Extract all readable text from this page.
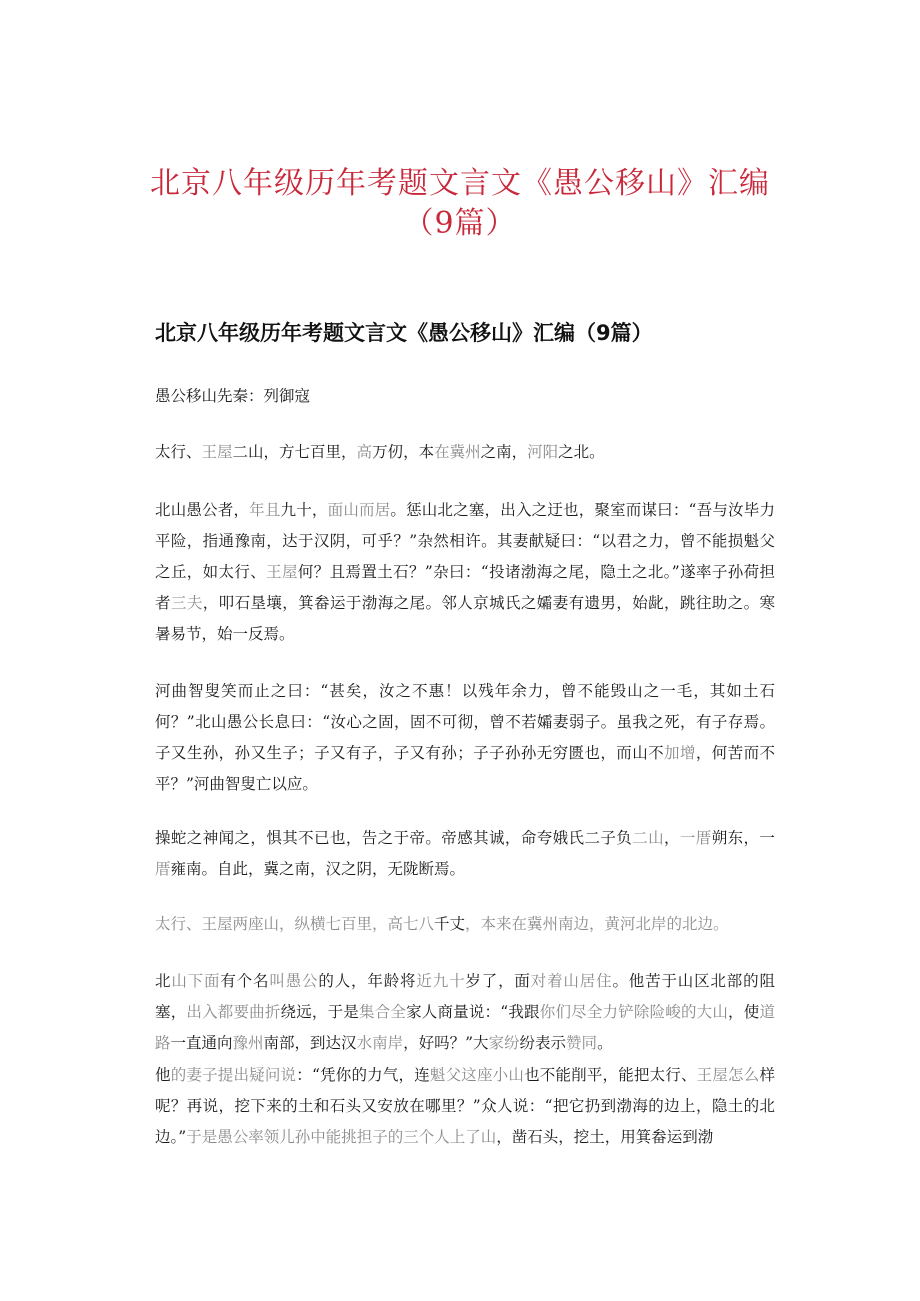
北京八年级历年考题文言文《愚公移山》汇编（9篇）
北京八年级历年考题文言文《愚公移山》汇编（9篇）

愚公移山先秦：列御寇

太行、王屋二山，方七百里，高万仞，本在冀州之南，河阳之北。

北山愚公者，年且九十，面山而居。惩山北之塞，出入之迂也，聚室而谋曰：“吾与汝毕力平险，指通豫南，达于汉阴，可乎？”杂然相许。其妻献疑曰：“以君之力，曾不能损魁父之丘，如太行、王屋何？且焉置土石？”杂曰：“投诸渤海之尾，隐土之北。”遂率子孙荷担者三夫，叩石垦壤，箕畚运于渤海之尾。邻人京城氏之孀妻有遗男，始龀，跳往助之。寒暑易节，始一反焉。

河曲智叟笑而止之曰：“甚矣，汝之不惠！以残年余力，曾不能毁山之一毛，其如土石何？”北山愚公长息曰：“汝心之固，固不可彻，曾不若孀妻弱子。虽我之死，有子存焉。子又生孙，孙又生子；子又有子，子又有孙；子子孙孙无穷匮也，而山不加增，何苦而不平？”河曲智叟亡以应。

操蛇之神闻之，惧其不已也，告之于帝。帝感其诚，命夸娥氏二子负二山，一厝朔东，一厝雍南。自此，冀之南，汉之阴，无陇断焉。

太行、王屋两座山，纵横七百里，高七八千丈，本来在冀州南边，黄河北岸的北边。

北山下面有个名叫愚公的人，年龄将近九十岁了，面对着山居住。他苦于山区北部的阻塞，出入都要曲折绕远，于是集合全家人商量说：“我跟你们尽全力铲除险峻的大山，使道路一直通向豫州南部，到达汉水南岸，好吗？”大家纷纷表示赞同。

他的妻子提出疑问说：“凭你的力气，连魁父这座小山也不能削平，能把太行、王屋怎么样呢？再说，挖下来的土和石头又安放在哪里？”众人说：“把它扔到渤海的边上，隐土的北边。”于是愚公率领儿孙中能挑担子的三个人上了山，凿石头，挖土，用箕畚运到渤
